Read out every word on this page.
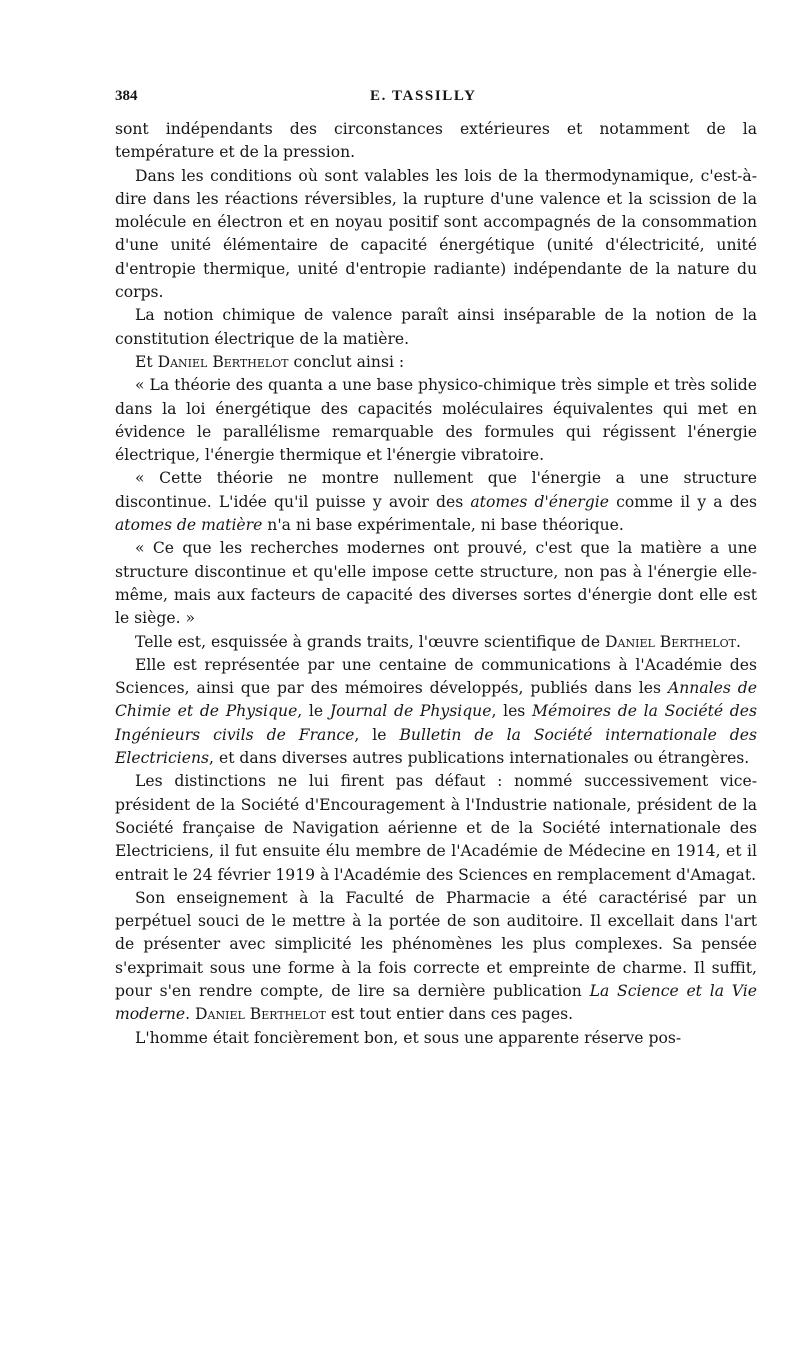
384	E. TASSILLY

sont indépendants des circonstances extérieures et notamment de la température et de la pression.

Dans les conditions où sont valables les lois de la thermodynamique, c'est-à-dire dans les réactions réversibles, la rupture d'une valence et la scission de la molécule en électron et en noyau positif sont accompagnés de la consommation d'une unité élémentaire de capacité énergétique (unité d'électricité, unité d'entropie thermique, unité d'entropie radiante) indépendante de la nature du corps.

La notion chimique de valence paraît ainsi inséparable de la notion de la constitution électrique de la matière.

Et Daniel Berthelot conclut ainsi :

« La théorie des quanta a une base physico-chimique très simple et très solide dans la loi énergétique des capacités moléculaires équivalentes qui met en évidence le parallélisme remarquable des formules qui régissent l'énergie électrique, l'énergie thermique et l'énergie vibratoire.

« Cette théorie ne montre nullement que l'énergie a une structure discontinue. L'idée qu'il puisse y avoir des atomes d'énergie comme il y a des atomes de matière n'a ni base expérimentale, ni base théorique.

« Ce que les recherches modernes ont prouvé, c'est que la matière a une structure discontinue et qu'elle impose cette structure, non pas à l'énergie elle-même, mais aux facteurs de capacité des diverses sortes d'énergie dont elle est le siège. »

Telle est, esquissée à grands traits, l'œuvre scientifique de Daniel Berthelot.

Elle est représentée par une centaine de communications à l'Académie des Sciences, ainsi que par des mémoires développés, publiés dans les Annales de Chimie et de Physique, le Journal de Physique, les Mémoires de la Société des Ingénieurs civils de France, le Bulletin de la Société internationale des Electriciens, et dans diverses autres publications internationales ou étrangères.

Les distinctions ne lui firent pas défaut : nommé successivement vice-président de la Société d'Encouragement à l'Industrie nationale, président de la Société française de Navigation aérienne et de la Société internationale des Electriciens, il fut ensuite élu membre de l'Académie de Médecine en 1914, et il entrait le 24 février 1919 à l'Académie des Sciences en remplacement d'Amagat.

Son enseignement à la Faculté de Pharmacie a été caractérisé par un perpétuel souci de le mettre à la portée de son auditoire. Il excellait dans l'art de présenter avec simplicité les phénomènes les plus complexes. Sa pensée s'exprimait sous une forme à la fois correcte et empreinte de charme. Il suffit, pour s'en rendre compte, de lire sa dernière publication La Science et la Vie moderne. Daniel Berthelot est tout entier dans ces pages.

L'homme était foncièrement bon, et sous une apparente réserve pos-
